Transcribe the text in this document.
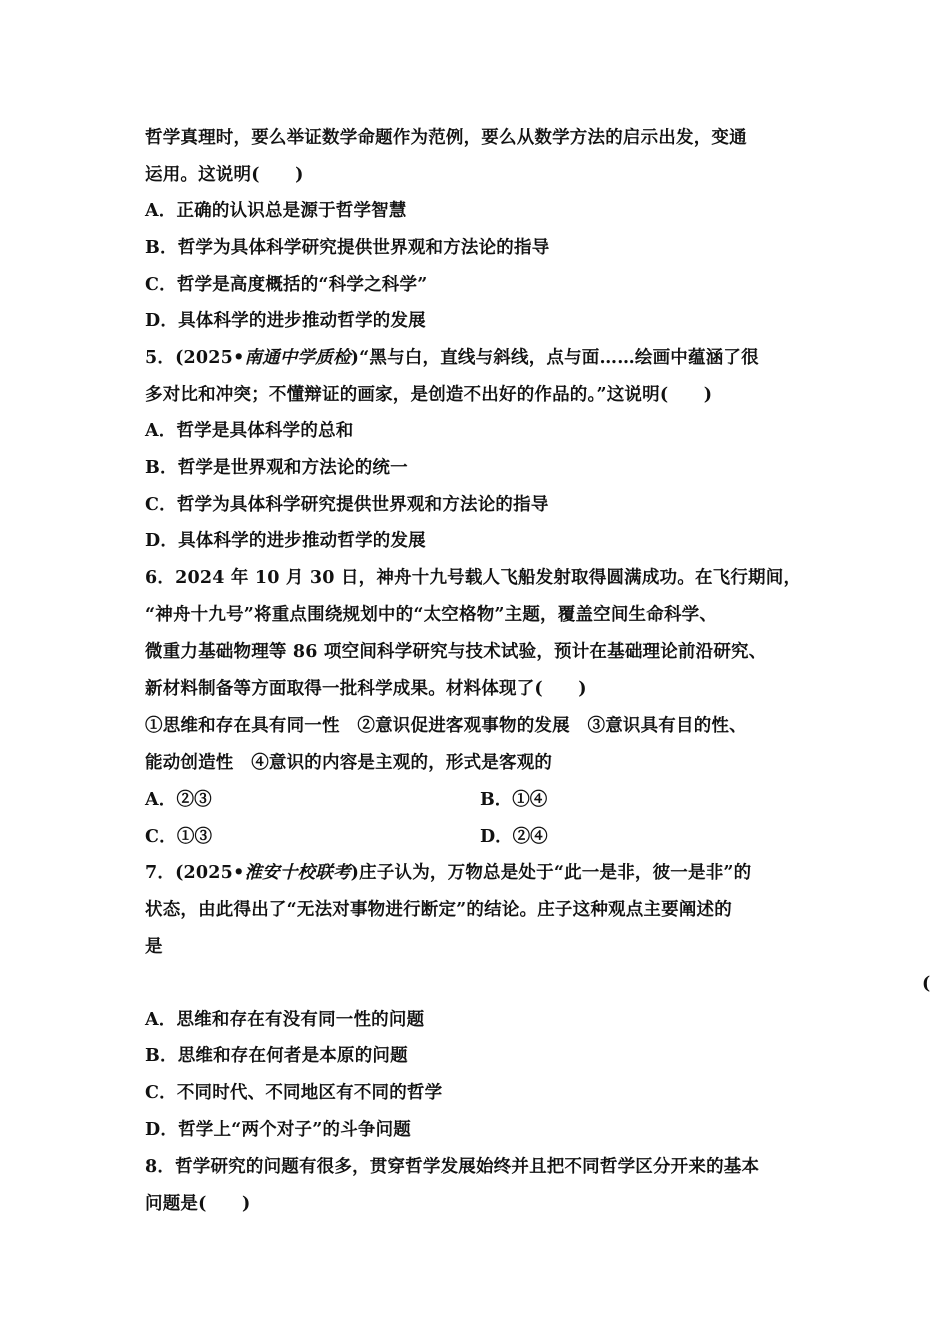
哲学真理时，要么举证数学命题作为范例，要么从数学方法的启示出发，变通
运用。这说明(　　)
A．正确的认识总是源于哲学智慧
B．哲学为具体科学研究提供世界观和方法论的指导
C．哲学是高度概括的“科学之科学”
D．具体科学的进步推动哲学的发展
5．(2025•南通中学质检)“黑与白，直线与斜线，点与面……绘画中蕴涵了很
多对比和冲突；不懂辩证的画家，是创造不出好的作品的。”这说明(　　)
A．哲学是具体科学的总和
B．哲学是世界观和方法论的统一
C．哲学为具体科学研究提供世界观和方法论的指导
D．具体科学的进步推动哲学的发展
6．2024 年 10 月 30 日，神舟十九号载人飞船发射取得圆满成功。在飞行期间，
“神舟十九号”将重点围绕规划中的“太空格物”主题，覆盖空间生命科学、
微重力基础物理等 86 项空间科学研究与技术试验，预计在基础理论前沿研究、
新材料制备等方面取得一批科学成果。材料体现了(　　)
①思维和存在具有同一性　②意识促进客观事物的发展　③意识具有目的性、
能动创造性　④意识的内容是主观的，形式是客观的
A．②③	B．①④
C．①③	D．②④
7．(2025•淮安十校联考)庄子认为，万物总是处于“此一是非，彼一是非”的
状态，由此得出了“无法对事物进行断定”的结论。庄子这种观点主要阐述的
是
(
A．思维和存在有没有同一性的问题
B．思维和存在何者是本原的问题
C．不同时代、不同地区有不同的哲学
D．哲学上“两个对子”的斗争问题
8．哲学研究的问题有很多，贯穿哲学发展始终并且把不同哲学区分开来的基本
问题是(　　)
